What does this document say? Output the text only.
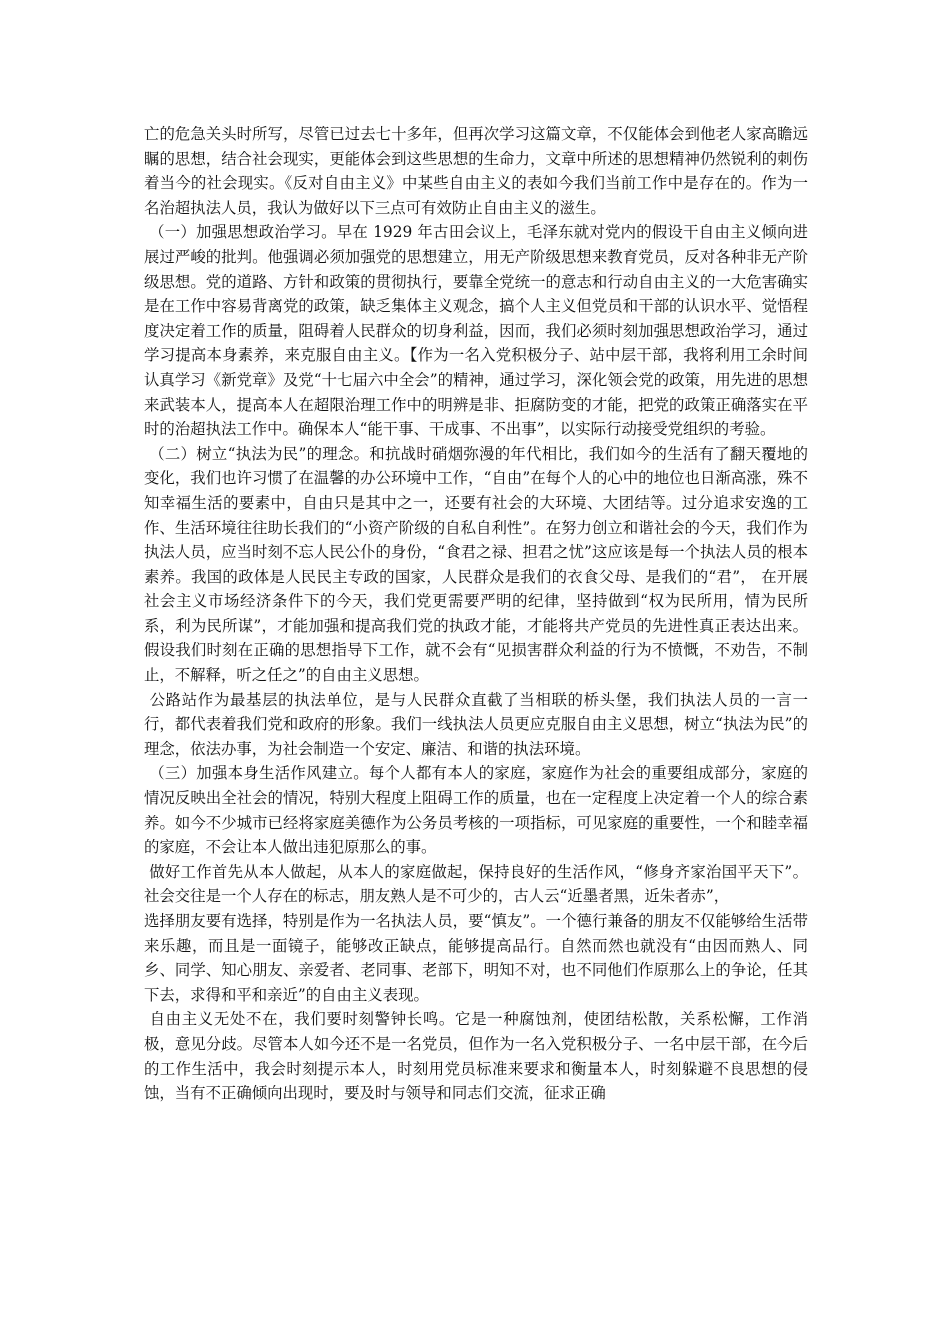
亡的危急关头时所写，尽管已过去七十多年，但再次学习这篇文章，不仅能体会到他老人家高瞻远瞩的思想，结合社会现实，更能体会到这些思想的生命力，文章中所述的思想精神仍然锐利的刺伤着当今的社会现实。《反对自由主义》中某些自由主义的表如今我们当前工作中是存在的。作为一名治超执法人员，我认为做好以下三点可有效防止自由主义的滋生。

（一）加强思想政治学习。早在 1929 年古田会议上，毛泽东就对党内的假设干自由主义倾向进展过严峻的批判。他强调必须加强党的思想建立，用无产阶级思想来教育党员，反对各种非无产阶级思想。党的道路、方针和政策的贯彻执行，要靠全党统一的意志和行动自由主义的一大危害确实是在工作中容易背离党的政策，缺乏集体主义观念，搞个人主义但党员和干部的认识水平、觉悟程度决定着工作的质量，阻碍着人民群众的切身利益，因而，我们必须时刻加强思想政治学习，通过学习提高本身素养，来克服自由主义。【作为一名入党积极分子、站中层干部，我将利用工余时间认真学习《新党章》及党“十七届六中全会”的精神，通过学习，深化领会党的政策，用先进的思想来武装本人，提高本人在超限治理工作中的明辨是非、拒腐防变的才能，把党的政策正确落实在平时的治超执法工作中。确保本人“能干事、干成事、不出事”，以实际行动接受党组织的考验。

（二）树立“执法为民”的理念。和抗战时硝烟弥漫的年代相比，我们如今的生活有了翻天覆地的变化，我们也许习惯了在温馨的办公环境中工作，“自由”在每个人的心中的地位也日渐高涨，殊不知幸福生活的要素中，自由只是其中之一，还要有社会的大环境、大团结等。过分追求安逸的工作、生活环境往往助长我们的“小资产阶级的自私自利性”。在努力创立和谐社会的今天，我们作为执法人员，应当时刻不忘人民公仆的身份，“食君之禄、担君之忧”这应该是每一个执法人员的根本素养。我国的政体是人民民主专政的国家，人民群众是我们的衣食父母、是我们的“君”， 在开展社会主义市场经济条件下的今天，我们党更需要严明的纪律，坚持做到“权为民所用，情为民所系，利为民所谋”，才能加强和提高我们党的执政才能，才能将共产党员的先进性真正表达出来。假设我们时刻在正确的思想指导下工作，就不会有“见损害群众利益的行为不愤慨，不劝告，不制止，不解释，听之任之”的自由主义思想。

公路站作为最基层的执法单位，是与人民群众直截了当相联的桥头堡，我们执法人员的一言一行，都代表着我们党和政府的形象。我们一线执法人员更应克服自由主义思想，树立“执法为民”的理念，依法办事，为社会制造一个安定、廉洁、和谐的执法环境。

（三）加强本身生活作风建立。每个人都有本人的家庭，家庭作为社会的重要组成部分，家庭的情况反映出全社会的情况，特别大程度上阻碍工作的质量，也在一定程度上决定着一个人的综合素养。如今不少城市已经将家庭美德作为公务员考核的一项指标，可见家庭的重要性，一个和睦幸福的家庭，不会让本人做出违犯原那么的事。

做好工作首先从本人做起，从本人的家庭做起，保持良好的生活作风，“修身齐家治国平天下”。社会交往是一个人存在的标志，朋友熟人是不可少的，古人云“近墨者黑，近朱者赤”，

选择朋友要有选择，特别是作为一名执法人员，要“慎友”。一个德行兼备的朋友不仅能够给生活带来乐趣，而且是一面镜子，能够改正缺点，能够提高品行。自然而然也就没有“由因而熟人、同乡、同学、知心朋友、亲爱者、老同事、老部下，明知不对，也不同他们作原那么上的争论，任其下去，求得和平和亲近”的自由主义表现。

自由主义无处不在，我们要时刻警钟长鸣。它是一种腐蚀剂，使团结松散，关系松懈，工作消极，意见分歧。尽管本人如今还不是一名党员，但作为一名入党积极分子、一名中层干部，在今后的工作生活中，我会时刻提示本人，时刻用党员标准来要求和衡量本人，时刻躲避不良思想的侵蚀，当有不正确倾向出现时，要及时与领导和同志们交流，征求正确
